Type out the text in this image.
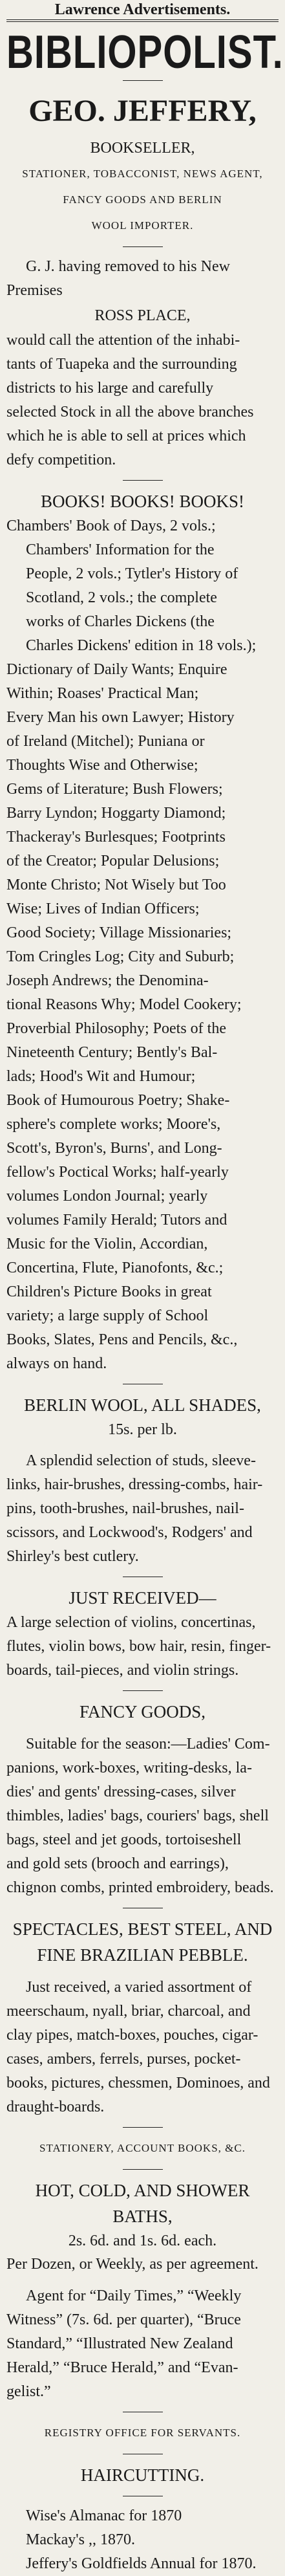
Lawrence Advertisements.
BIBLIOPOLIST.
GEO. JEFFERY,
BOOKSELLER,
STATIONER, TOBACCONIST, NEWS AGENT,
FANCY GOODS AND BERLIN
WOOL IMPORTER.

G. J. having removed to his New

Premises

ROSS PLACE,

would call the attention of the inhabi-

tants of Tuapeka and the surrounding

districts to his large and carefully

selected Stock in all the above branches

which he is able to sell at prices which

defy competition.

BOOKS! BOOKS! BOOKS!

Chambers' Book of Days, 2 vols.;

Chambers' Information for the

People, 2 vols.; Tytler's History of

Scotland, 2 vols.; the complete

works of Charles Dickens (the

Charles Dickens' edition in 18 vols.);

Dictionary of Daily Wants; Enquire

Within; Roases' Practical Man;

Every Man his own Lawyer; History

of Ireland (Mitchel); Puniana or

Thoughts Wise and Otherwise;

Gems of Literature; Bush Flowers;

Barry Lyndon; Hoggarty Diamond;

Thackeray's Burlesques; Footprints

of the Creator; Popular Delusions;

Monte Christo; Not Wisely but Too

Wise; Lives of Indian Officers;

Good Society; Village Missionaries;

Tom Cringles Log; City and Suburb;

Joseph Andrews; the Denomina-

tional Reasons Why; Model Cookery;

Proverbial Philosophy; Poets of the

Nineteenth Century; Bently's Bal-

lads; Hood's Wit and Humour;

Book of Humourous Poetry; Shake-

sphere's complete works; Moore's,

Scott's, Byron's, Burns', and Long-

fellow's Poctical Works; half-yearly

volumes London Journal; yearly

volumes Family Herald; Tutors and

Music for the Violin, Accordian,

Concertina, Flute, Pianofonts, &c.;

Children's Picture Books in great

variety; a large supply of School

Books, Slates, Pens and Pencils, &c.,

always on hand.

BERLIN WOOL, ALL SHADES,
15s. per lb.

A splendid selection of studs, sleeve-

links, hair-brushes, dressing-combs, hair-

pins, tooth-brushes, nail-brushes, nail-

scissors, and Lockwood's, Rodgers' and

Shirley's best cutlery.

JUST RECEIVED—

A large selection of violins, concertinas,

flutes, violin bows, bow hair, resin, finger-

boards, tail-pieces, and violin strings.

FANCY GOODS,

Suitable for the season:—Ladies' Com-

panions, work-boxes, writing-desks, la-

dies' and gents' dressing-cases, silver

thimbles, ladies' bags, couriers' bags, shell

bags, steel and jet goods, tortoiseshell

and gold sets (brooch and earrings),

chignon combs, printed embroidery, beads.

SPECTACLES, BEST STEEL, AND
FINE BRAZILIAN PEBBLE.

Just received, a varied assortment of

meerschaum, nyall, briar, charcoal, and

clay pipes, match-boxes, pouches, cigar-

cases, ambers, ferrels, purses, pocket-

books, pictures, chessmen, Dominoes, and

draught-boards.

STATIONERY, ACCOUNT BOOKS, &C.
HOT, COLD, AND SHOWER BATHS,
2s. 6d. and 1s. 6d. each.

Per Dozen, or Weekly, as per agreement.

Agent for “Daily Times,” “Weekly

Witness” (7s. 6d. per quarter), “Bruce

Standard,” “Illustrated New Zealand

Herald,” “Bruce Herald,” and “Evan-

gelist.”

REGISTRY OFFICE FOR SERVANTS.
HAIRCUTTING.

Wise's Almanac for 1870

Mackay's ,, 1870.

Jeffery's Goldfields Annual for 1870.
